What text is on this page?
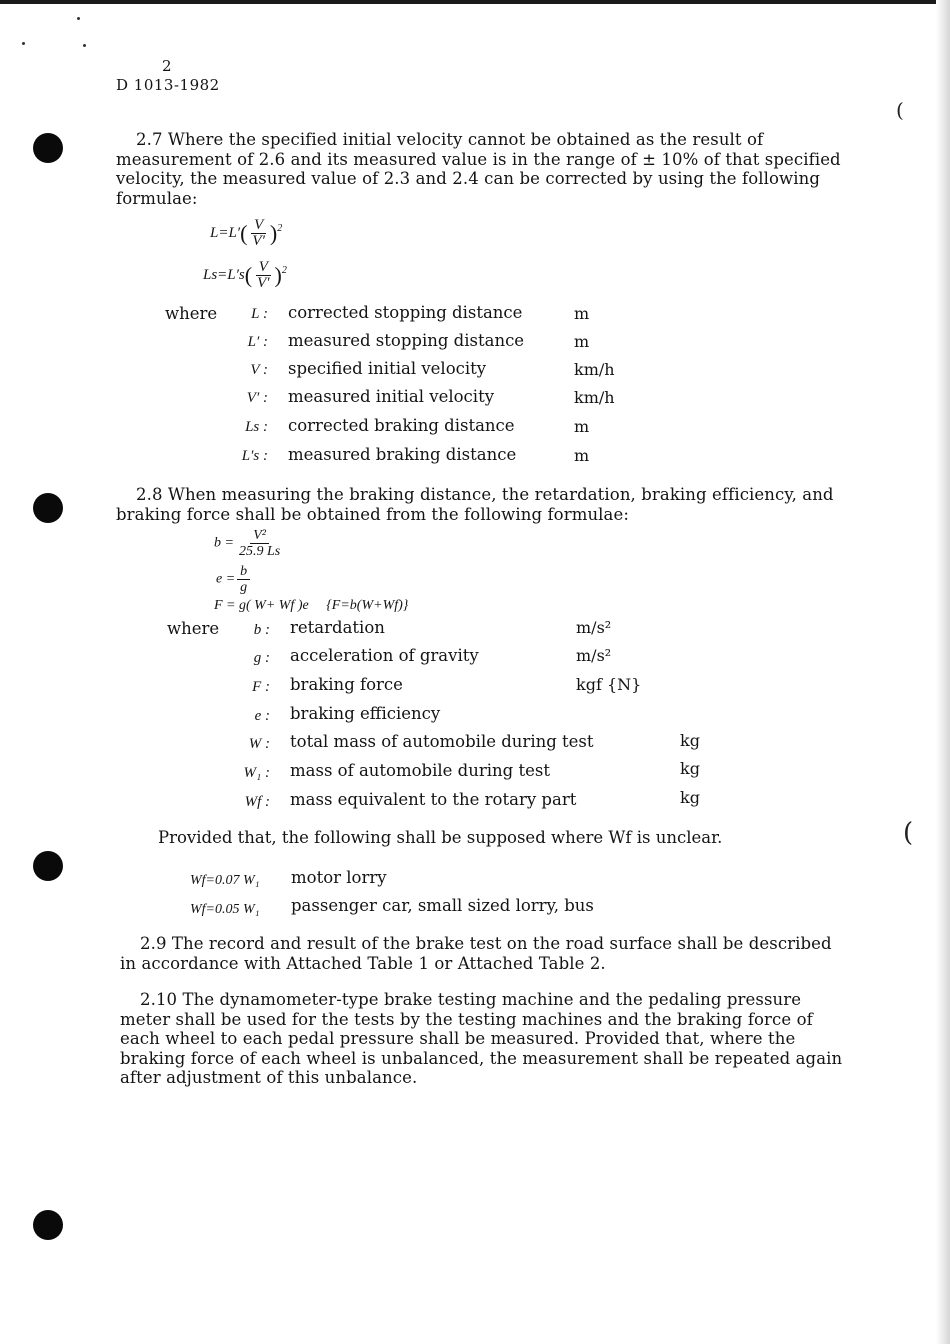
(
(
2
D 1013-1982

2.7 Where the specified initial velocity cannot be obtained as the result of measurement of 2.6 and its measured value is in the range of ± 10% of that specified velocity, the measured value of 2.3 and 2.4 can be corrected by using the following formulae:

$L=L'( \frac{V}{V'} )^2$
$Ls=L's( \frac{V}{V'} )^2$
where	L : corrected stopping distance	m
L′ : measured stopping distance	m
V : specified initial velocity	km/h
V′ : measured initial velocity	km/h
Ls : corrected braking distance	m
L′s : measured braking distance	m

2.8 When measuring the braking distance, the retardation, braking efficiency, and braking force shall be obtained from the following formulae:

$b = \frac{\text{V²}}{25.9 Ls}$
$e = \frac{b}{g}$
F = g( W+ Wf )e     {F=b(W+Wf)}
where	b : retardation	m/s²
g : acceleration of gravity	m/s²
F : braking force	kgf {N}
e : braking efficiency
W : total mass of automobile during test	kg
W₁ : mass of automobile during test	kg
Wf : mass equivalent to the rotary part	kg
Provided that, the following shall be supposed where Wf is unclear.
Wf=0.07 W₁ motor lorry
Wf=0.05 W₁ passenger car, small sized lorry, bus

2.9 The record and result of the brake test on the road surface shall be described in accordance with Attached Table 1 or Attached Table 2.

2.10 The dynamometer-type brake testing machine and the pedaling pressure meter shall be used for the tests by the testing machines and the braking force of each wheel to each pedal pressure shall be measured. Provided that, where the braking force of each wheel is unbalanced, the measurement shall be repeated again after adjustment of this unbalance.
